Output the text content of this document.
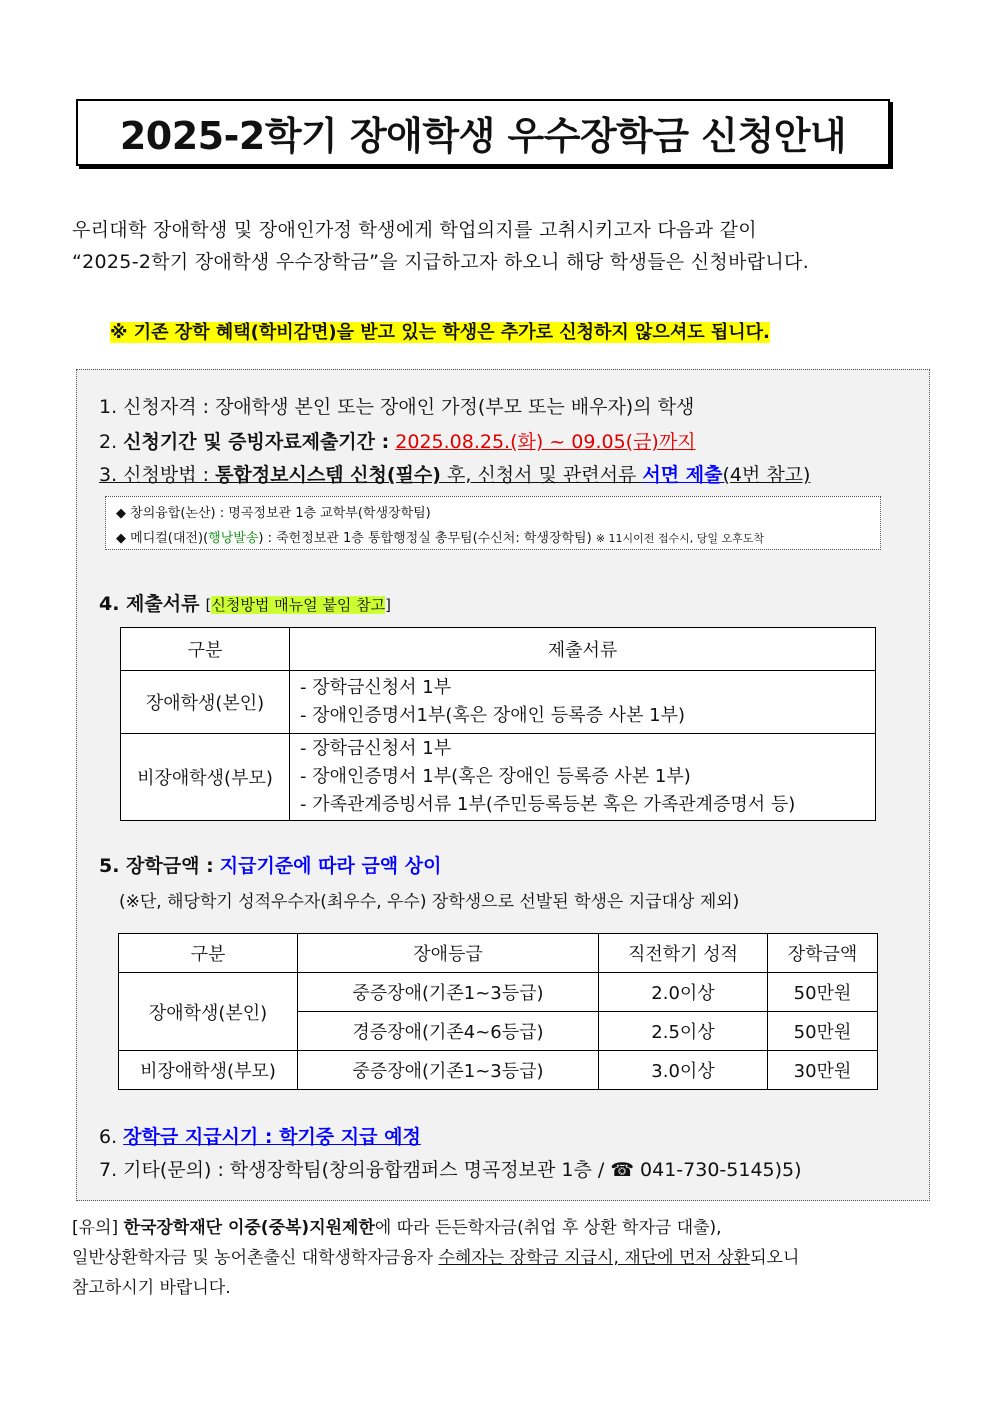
2025-2학기 장애학생 우수장학금 신청안내
우리대학 장애학생 및 장애인가정 학생에게 학업의지를 고취시키고자 다음과 같이
“2025-2학기 장애학생 우수장학금”을 지급하고자 하오니 해당 학생들은 신청바랍니다.
※ 기존 장학 혜택(학비감면)을 받고 있는 학생은 추가로 신청하지 않으셔도 됩니다.
1. 신청자격 : 장애학생 본인 또는 장애인 가정(부모 또는 배우자)의 학생
2. 신청기간 및 증빙자료제출기간 : 2025.08.25.(화) ~ 09.05(금)까지
3. 신청방법 : 통합정보시스템 신청(필수) 후, 신청서 및 관련서류 서면 제출(4번 참고)
◆ 창의융합(논산) : 명곡정보관 1층 교학부(학생장학팀)
◆ 메디컬(대전)(행낭발송) : 죽헌정보관 1층 통합행정실 총무팀(수신처: 학생장학팀) ※ 11시이전 접수시, 당일 오후도착
4. 제출서류 [신청방법 매뉴얼 붙임 참고]
구분	제출서류
장애학생(본인)	- 장학금신청서 1부
- 장애인증명서1부(혹은 장애인 등록증 사본 1부)

비장애학생(부모)	- 장학금신청서 1부
- 장애인증명서 1부(혹은 장애인 등록증 사본 1부)
- 가족관계증빙서류 1부(주민등록등본 혹은 가족관계증명서 등)
5. 장학금액 : 지급기준에 따라 금액 상이
(※단, 해당학기 성적우수자(최우수, 우수) 장학생으로 선발된 학생은 지급대상 제외)
구분	장애등급	직전학기 성적	장학금액
장애학생(본인)	중증장애(기존1~3등급)	2.0이상	50만원
	경증장애(기존4~6등급)	2.5이상	50만원
비장애학생(부모)	중증장애(기존1~3등급)	3.0이상	30만원
6. 장학금 지급시기 : 학기중 지급 예정
7. 기타(문의) : 학생장학팀(창의융합캠퍼스 명곡정보관 1층 / ☎ 041-730-5145)5)
[유의] 한국장학재단 이중(중복)지원제한에 따라 든든학자금(취업 후 상환 학자금 대출),
일반상환학자금 및 농어촌출신 대학생학자금융자 수혜자는 장학금 지급시, 재단에 먼저 상환되오니
참고하시기 바랍니다.
